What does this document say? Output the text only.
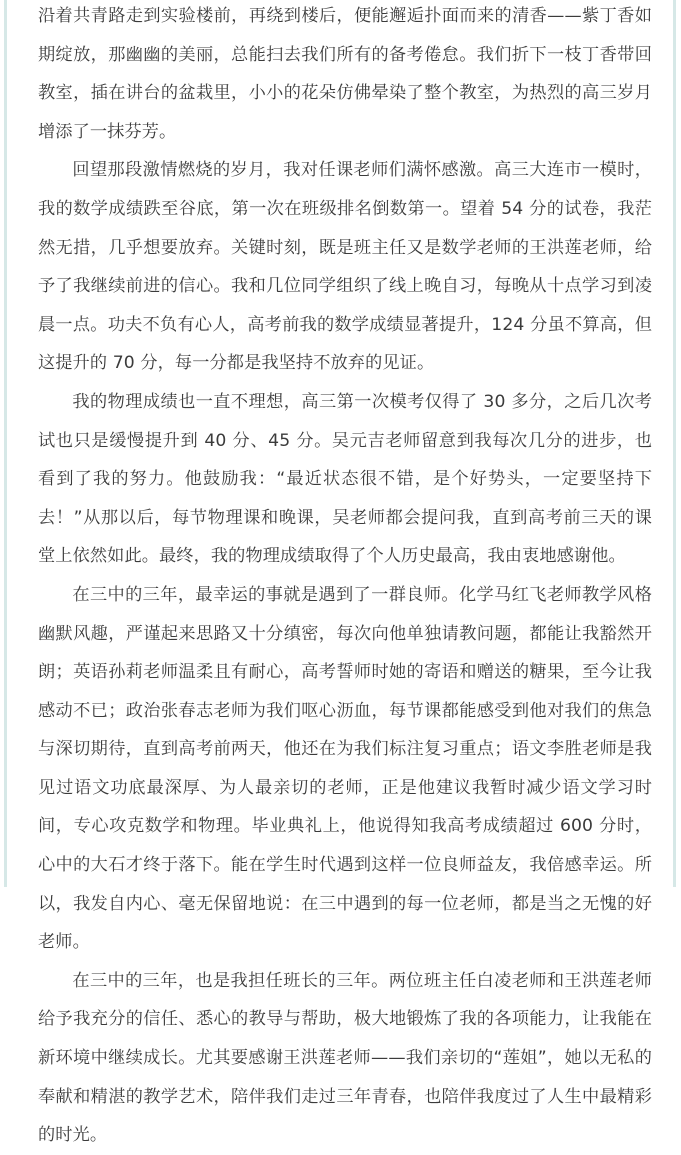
沿着共青路走到实验楼前，再绕到楼后，便能邂逅扑面而来的清香——紫丁香如期绽放，那幽幽的美丽，总能扫去我们所有的备考倦怠。我们折下一枝丁香带回教室，插在讲台的盆栽里，小小的花朵仿佛晕染了整个教室，为热烈的高三岁月增添了一抹芬芳。

回望那段激情燃烧的岁月，我对任课老师们满怀感激。高三大连市一模时，我的数学成绩跌至谷底，第一次在班级排名倒数第一。望着 54 分的试卷，我茫然无措，几乎想要放弃。关键时刻，既是班主任又是数学老师的王洪莲老师，给予了我继续前进的信心。我和几位同学组织了线上晚自习，每晚从十点学习到凌晨一点。功夫不负有心人，高考前我的数学成绩显著提升，124 分虽不算高，但这提升的 70 分，每一分都是我坚持不放弃的见证。

我的物理成绩也一直不理想，高三第一次模考仅得了 30 多分，之后几次考试也只是缓慢提升到 40 分、45 分。吴元吉老师留意到我每次几分的进步，也看到了我的努力。他鼓励我：“最近状态很不错，是个好势头，一定要坚持下去！”从那以后，每节物理课和晚课，吴老师都会提问我，直到高考前三天的课堂上依然如此。最终，我的物理成绩取得了个人历史最高，我由衷地感谢他。

在三中的三年，最幸运的事就是遇到了一群良师。化学马红飞老师教学风格幽默风趣，严谨起来思路又十分缜密，每次向他单独请教问题，都能让我豁然开朗；英语孙莉老师温柔且有耐心，高考誓师时她的寄语和赠送的糖果，至今让我感动不已；政治张春志老师为我们呕心沥血，每节课都能感受到他对我们的焦急与深切期待，直到高考前两天，他还在为我们标注复习重点；语文李胜老师是我见过语文功底最深厚、为人最亲切的老师，正是他建议我暂时减少语文学习时间，专心攻克数学和物理。毕业典礼上，他说得知我高考成绩超过 600 分时，心中的大石才终于落下。能在学生时代遇到这样一位良师益友，我倍感幸运。所以，我发自内心、毫无保留地说：在三中遇到的每一位老师，都是当之无愧的好老师。

在三中的三年，也是我担任班长的三年。两位班主任白凌老师和王洪莲老师给予我充分的信任、悉心的教导与帮助，极大地锻炼了我的各项能力，让我能在新环境中继续成长。尤其要感谢王洪莲老师——我们亲切的“莲姐”，她以无私的奉献和精湛的教学艺术，陪伴我们走过三年青春，也陪伴我度过了人生中最精彩的时光。
